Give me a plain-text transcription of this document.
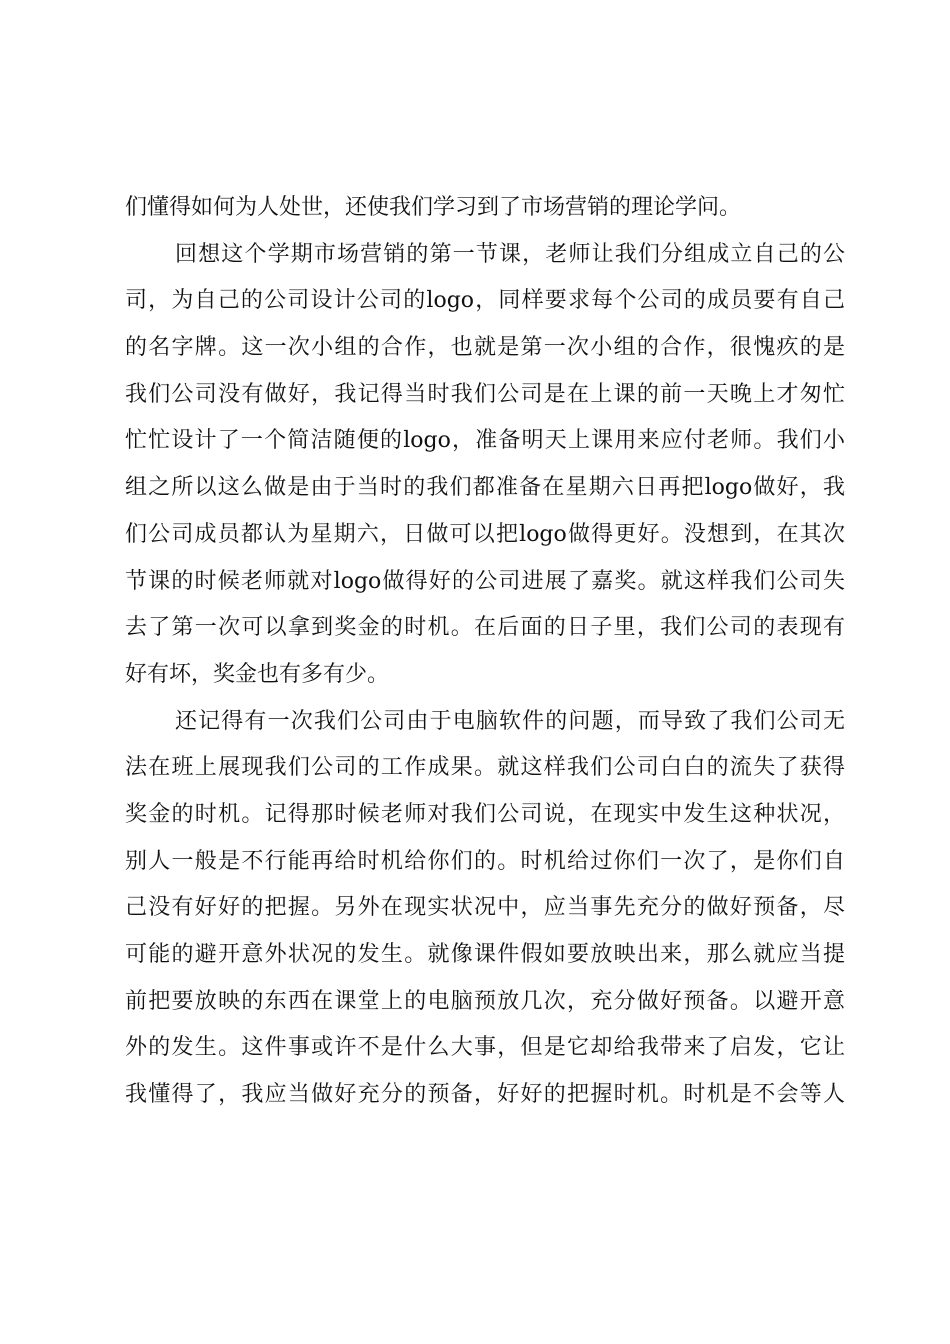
们懂得如何为人处世，还使我们学习到了市场营销的理论学问。
回想这个学期市场营销的第一节课，老师让我们分组成立自己的公
司，为自己的公司设计公司的logo，同样要求每个公司的成员要有自己
的名字牌。这一次小组的合作，也就是第一次小组的合作，很愧疚的是
我们公司没有做好，我记得当时我们公司是在上课的前一天晚上才匆忙
忙忙设计了一个简洁随便的logo，准备明天上课用来应付老师。我们小
组之所以这么做是由于当时的我们都准备在星期六日再把logo做好，我
们公司成员都认为星期六，日做可以把logo做得更好。没想到，在其次
节课的时候老师就对logo做得好的公司进展了嘉奖。就这样我们公司失
去了第一次可以拿到奖金的时机。在后面的日子里，我们公司的表现有
好有坏，奖金也有多有少。
还记得有一次我们公司由于电脑软件的问题，而导致了我们公司无
法在班上展现我们公司的工作成果。就这样我们公司白白的流失了获得
奖金的时机。记得那时候老师对我们公司说，在现实中发生这种状况，
别人一般是不行能再给时机给你们的。时机给过你们一次了，是你们自
己没有好好的把握。另外在现实状况中，应当事先充分的做好预备，尽
可能的避开意外状况的发生。就像课件假如要放映出来，那么就应当提
前把要放映的东西在课堂上的电脑预放几次，充分做好预备。以避开意
外的发生。这件事或许不是什么大事，但是它却给我带来了启发，它让
我懂得了，我应当做好充分的预备，好好的把握时机。时机是不会等人
